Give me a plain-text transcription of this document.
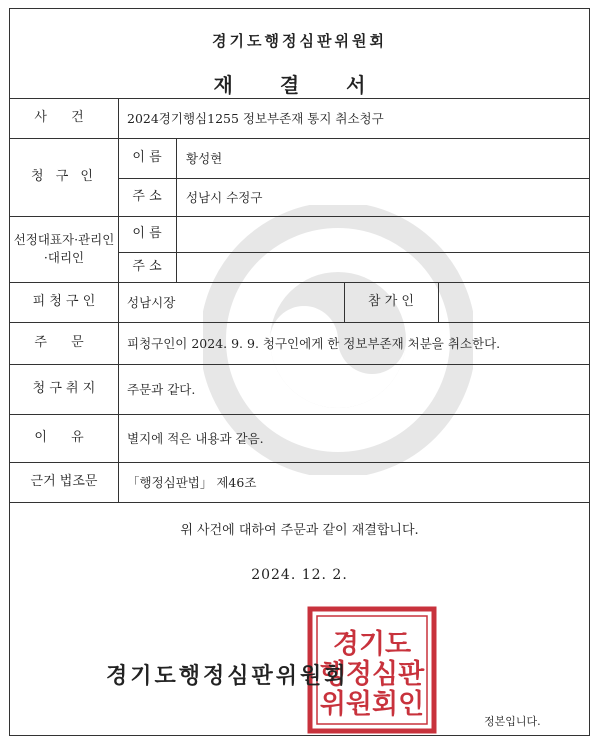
경기도행정심판위원회
재 결 서
사 건	2024경기행심1255 정보부존재 통지 취소청구
청 구 인
이 름	황성현
주 소	성남시 수정구
선정대표자·관리인·대리인
이 름
주 소
피 청 구 인	성남시장	참 가 인
주 문	피청구인이 2024. 9. 9. 청구인에게 한 정보부존재 처분을 취소한다.
청 구 취 지	주문과 같다.
이 유	별지에 적은 내용과 같음.
근거 법조문	「행정심판법」 제46조
위 사건에 대하여 주문과 같이 재결합니다.
2024. 12. 2.
경기도
행정심판
위원회인
경기도행정심판위원회
정본입니다.
